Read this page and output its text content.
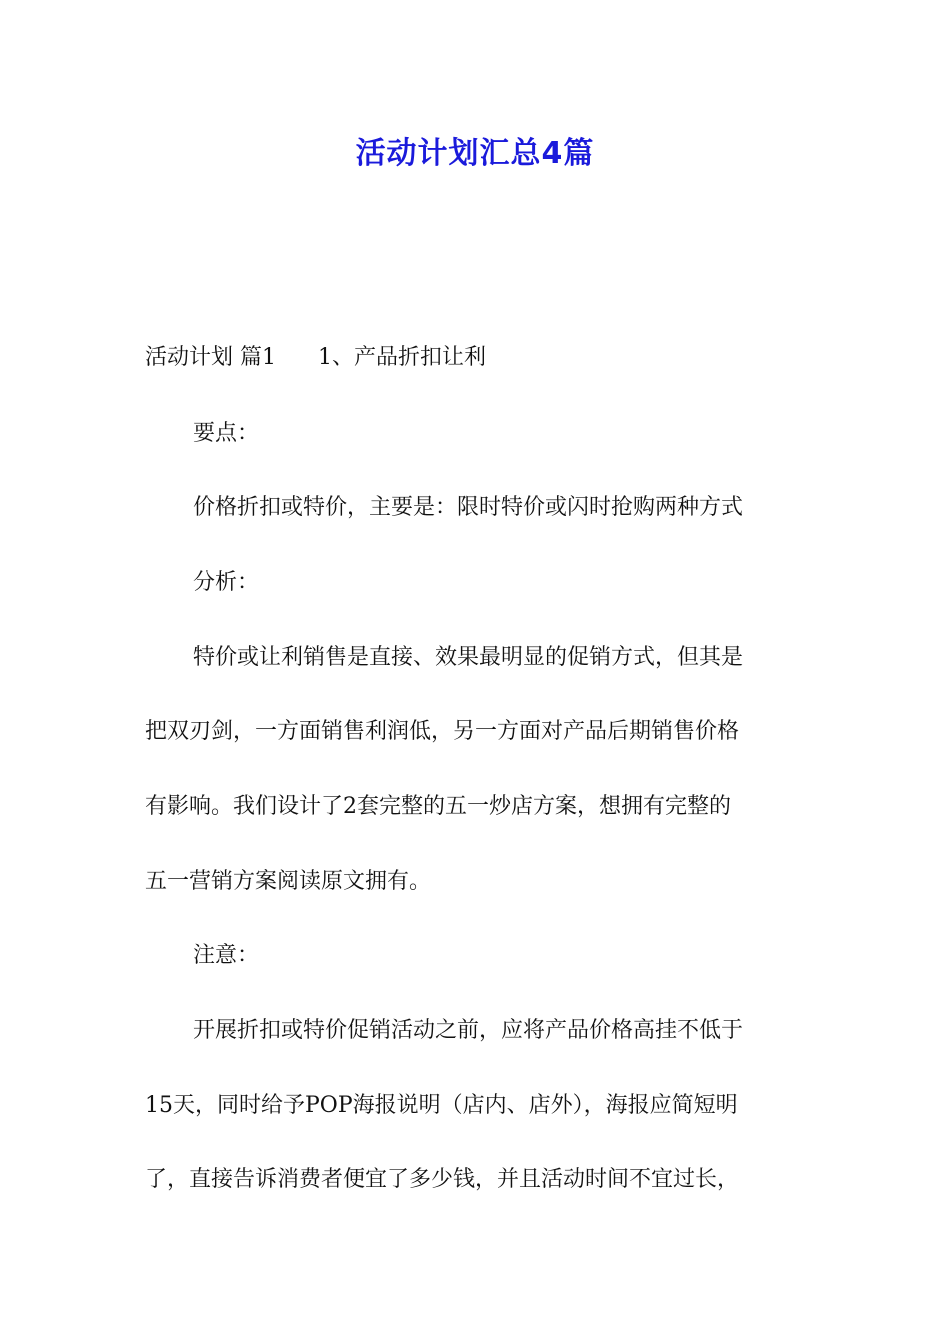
活动计划汇总4篇
活动计划 篇1 1、产品折扣让利
要点：
价格折扣或特价，主要是：限时特价或闪时抢购两种方式
分析：
特价或让利销售是直接、效果最明显的促销方式，但其是
把双刃剑，一方面销售利润低，另一方面对产品后期销售价格
有影响。我们设计了2套完整的五一炒店方案，想拥有完整的
五一营销方案阅读原文拥有。
注意：
开展折扣或特价促销活动之前，应将产品价格高挂不低于
15天，同时给予POP海报说明（店内、店外），海报应简短明
了，直接告诉消费者便宜了多少钱，并且活动时间不宜过长，
